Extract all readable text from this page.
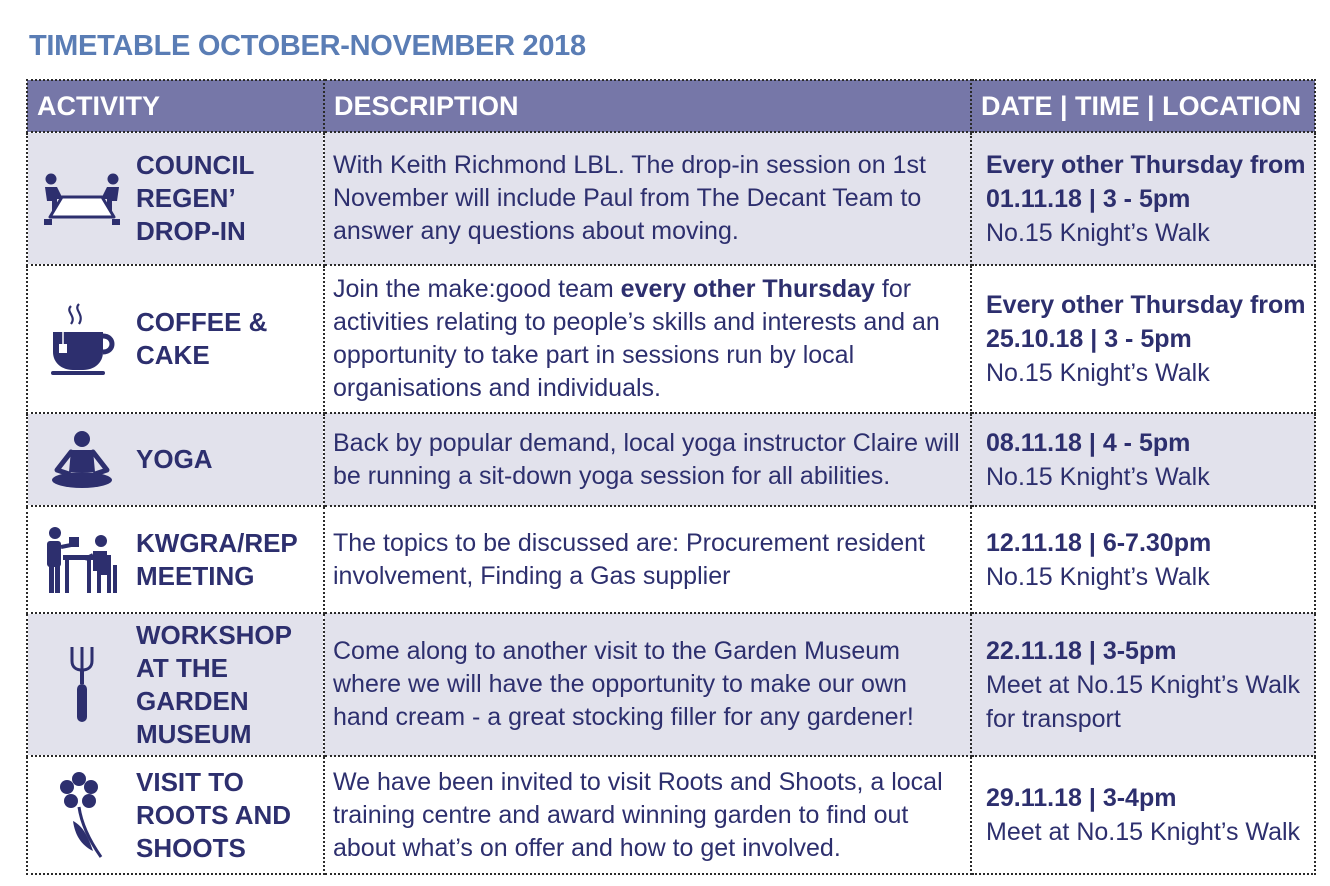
TIMETABLE OCTOBER-NOVEMBER 2018
ACTIVITY	DESCRIPTION	DATE | TIME | LOCATION

COUNCIL
REGEN’
DROP-IN	With Keith Richmond LBL. The drop-in session on 1st November will include Paul from The Decant Team to answer any questions about moving.	Every other Thursday from 01.11.18 | 3 - 5pm
No.15 Knight’s Walk

COFFEE &
CAKE	Join the make:good team every other Thursday for activities relating to people’s skills and interests and an opportunity to take part in sessions run by local organisations and individuals.	Every other Thursday from 25.10.18 | 3 - 5pm
No.15 Knight’s Walk

YOGA	Back by popular demand, local yoga instructor Claire will be running a sit-down yoga session for all abilities.	08.11.18 | 4 - 5pm
No.15 Knight’s Walk

KWGRA/REP
MEETING	The topics to be discussed are: Procurement resident involvement, Finding a Gas supplier	12.11.18 | 6-7.30pm
No.15 Knight’s Walk

WORKSHOP
AT THE
GARDEN
MUSEUM	Come along to another visit to the Garden Museum where we will have the opportunity to make our own hand cream - a great stocking filler for any gardener!	22.11.18 | 3-5pm
Meet at No.15 Knight’s Walk for transport

VISIT TO
ROOTS AND
SHOOTS	We have been invited to visit Roots and Shoots, a local training centre and award winning garden to find out about what’s on offer and how to get involved.	29.11.18 | 3-4pm
Meet at No.15 Knight’s Walk
